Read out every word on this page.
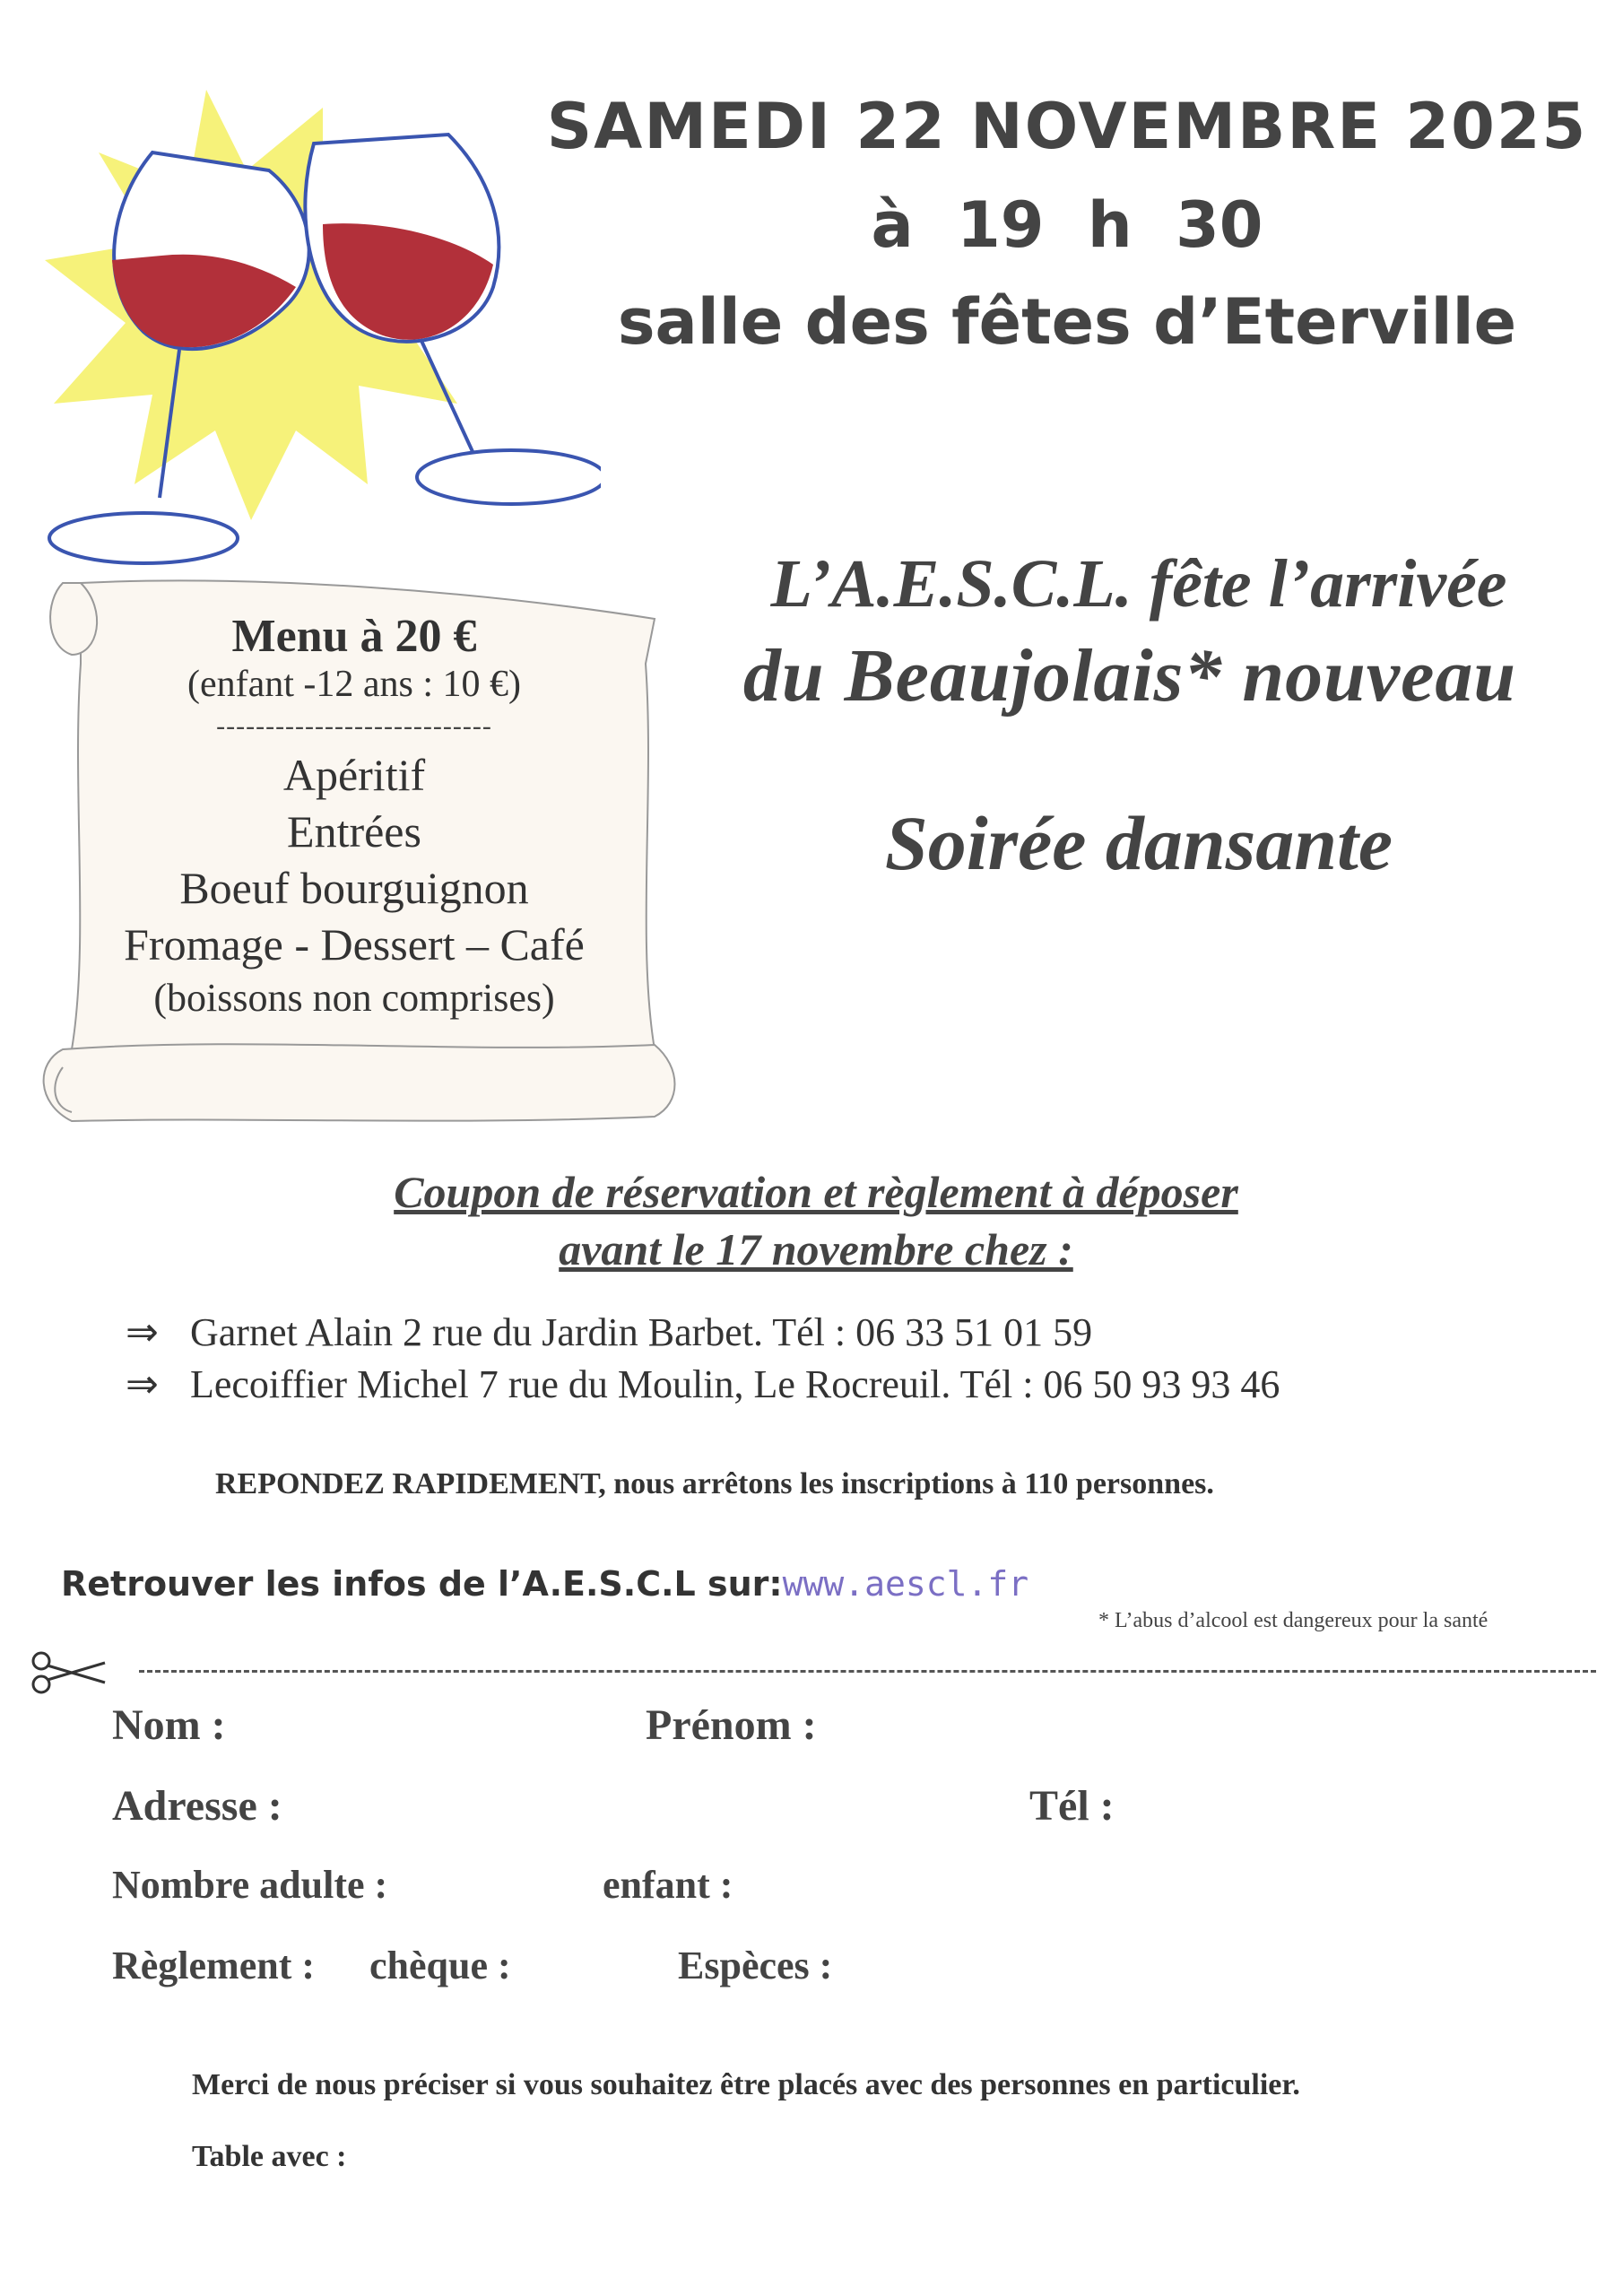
SAMEDI 22 NOVEMBRE 2025
à 19 h 30
salle des fêtes d’Eterville
L’A.E.S.C.L. fête l’arrivée
du Beaujolais* nouveau
Soirée dansante
Menu à 20 €
(enfant -12 ans : 10 €)
----------------------------
Apéritif
Entrées
Boeuf bourguignon
Fromage - Dessert – Café
(boissons non comprises)
Coupon de réservation et règlement à déposer
avant le 17 novembre chez :
⇒ Garnet Alain 2 rue du Jardin Barbet. Tél : 06 33 51 01 59
⇒ Lecoiffier Michel 7 rue du Moulin, Le Rocreuil. Tél : 06 50 93 93 46
REPONDEZ RAPIDEMENT, nous arrêtons les inscriptions à 110 personnes.
Retrouver les infos de l’A.E.S.C.L sur:www.aescl.fr
* L’abus d’alcool est dangereux pour la santé
Nom :	Prénom :
Adresse :	Tél :
Nombre adulte :	enfant :
Règlement : chèque :	Espèces :
Merci de nous préciser si vous souhaitez être placés avec des personnes en particulier.
Table avec :
